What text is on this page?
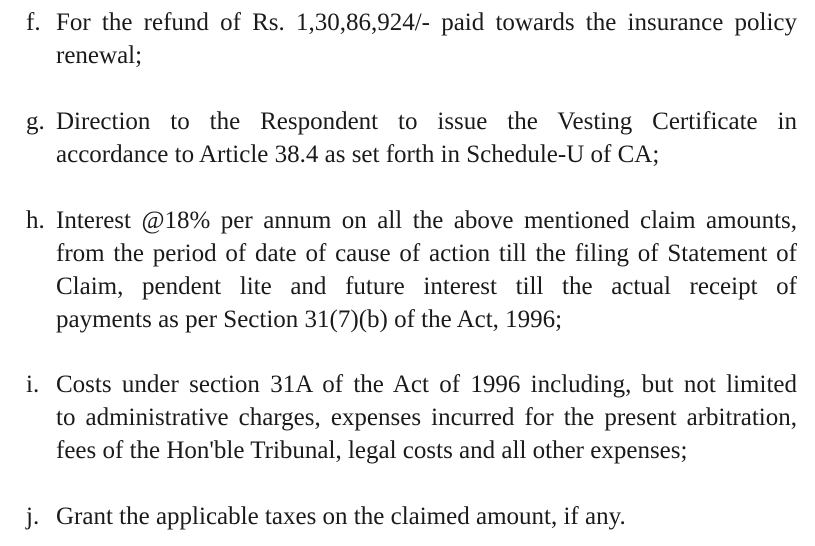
f. For the refund of Rs. 1,30,86,924/- paid towards the insurance policy
renewal;
g. Direction to the Respondent to issue the Vesting Certificate in
accordance to Article 38.4 as set forth in Schedule-U of CA;
h. Interest @18% per annum on all the above mentioned claim amounts,
from the period of date of cause of action till the filing of Statement of
Claim, pendent lite and future interest till the actual receipt of
payments as per Section 31(7)(b) of the Act, 1996;
i. Costs under section 31A of the Act of 1996 including, but not limited
to administrative charges, expenses incurred for the present arbitration,
fees of the Hon'ble Tribunal, legal costs and all other expenses;
j. Grant the applicable taxes on the claimed amount, if any.
